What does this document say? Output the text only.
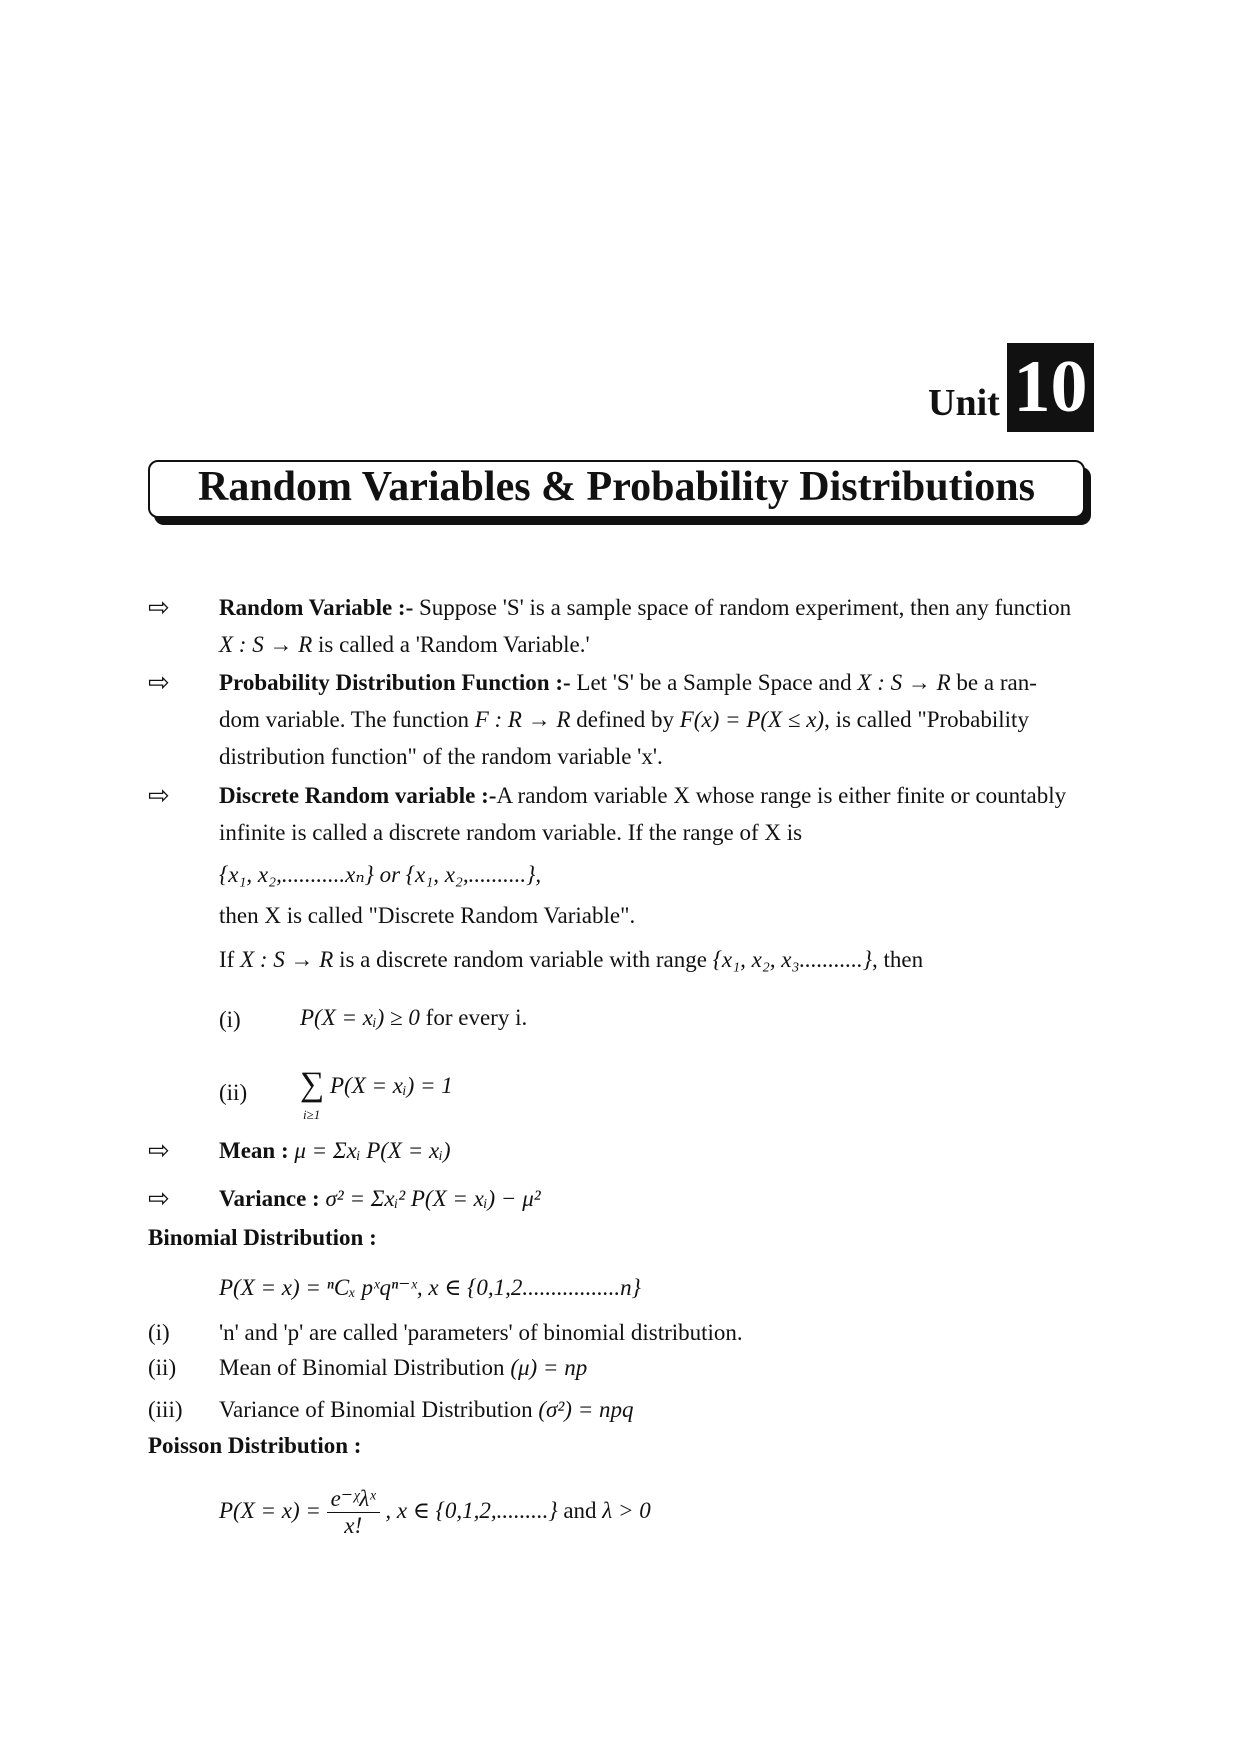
Unit 10
Random Variables & Probability Distributions
⇨ Random Variable :- Suppose 'S' is a sample space of random experiment, then any function
X : S → R is called a 'Random Variable.'
⇨ Probability Distribution Function :- Let 'S' be a Sample Space and X : S → R be a ran-
dom variable. The function F : R → R defined by F(x) = P(X ≤ x), is called "Probability
distribution function" of the random variable 'x'.
⇨ Discrete Random variable :-A random variable X whose range is either finite or countably
infinite is called a discrete random variable. If the range of X is
{x₁, x₂,...........xₙ} or {x₁, x₂,..........},
then X is called "Discrete Random Variable".
If X : S → R is a discrete random variable with range {x₁, x₂, x₃...........}, then
(i)	P(X = xᵢ) ≥ 0 for every i.
(ii) ∑
i≥1
P(X = xᵢ) = 1
⇨ Mean : μ = Σxᵢ P(X = xᵢ)
⇨ Variance : σ² = Σxᵢ² P(X = xᵢ) − μ²
Binomial Distribution :
P(X = x) = ⁿCₓ pˣqⁿ⁻ˣ, x ∈ {0,1,2.................n}
(i) 'n' and 'p' are called 'parameters' of binomial distribution.
(ii) Mean of Binomial Distribution (μ) = np
(iii) Variance of Binomial Distribution (σ²) = npq
Poisson Distribution :
$P(X = x) = \frac{\text{e⁻ᵡλˣ}}{x!}$ , x ∈ {0,1,2,.........} and λ > 0
